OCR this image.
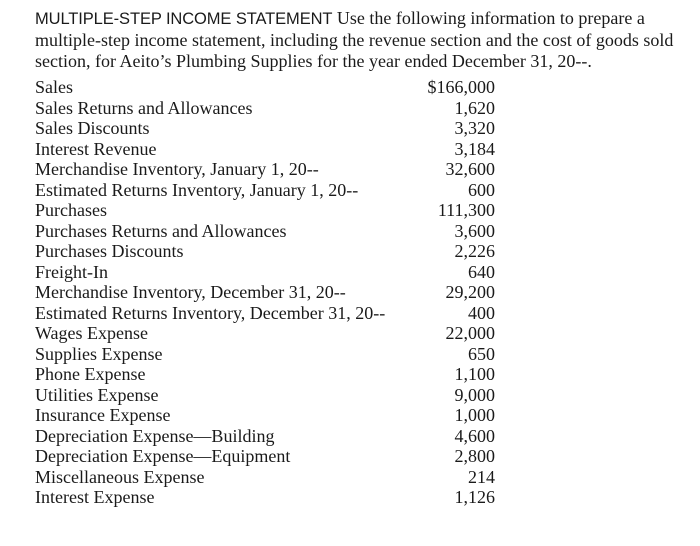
MULTIPLE-STEP INCOME STATEMENT Use the following information to prepare a multiple-step income statement, including the revenue section and the cost of goods sold section, for Aeito’s Plumbing Supplies for the year ended December 31, 20--.
Sales	$166,000
Sales Returns and Allowances	1,620
Sales Discounts	3,320
Interest Revenue	3,184
Merchandise Inventory, January 1, 20--	32,600
Estimated Returns Inventory, January 1, 20--	600
Purchases	111,300
Purchases Returns and Allowances	3,600
Purchases Discounts	2,226
Freight-In	640
Merchandise Inventory, December 31, 20--	29,200
Estimated Returns Inventory, December 31, 20--	400
Wages Expense	22,000
Supplies Expense	650
Phone Expense	1,100
Utilities Expense	9,000
Insurance Expense	1,000
Depreciation Expense—Building	4,600
Depreciation Expense—Equipment	2,800
Miscellaneous Expense	214
Interest Expense	1,126
